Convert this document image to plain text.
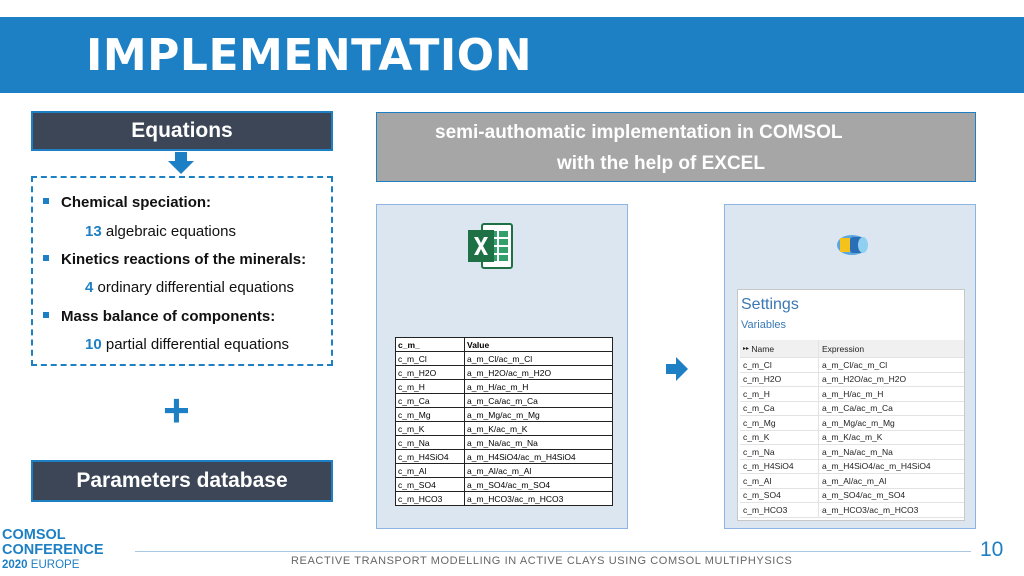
IMPLEMENTATION
Equations
Chemical speciation:
13 algebraic equations
Kinetics reactions of the minerals:
4 ordinary differential equations
Mass balance of components:
10 partial differential equations
+
Parameters database
semi-authomatic implementation in COMSOL
with the help of EXCEL
c_m_	Value
c_m_Cl	a_m_Cl/ac_m_Cl
c_m_H2O	a_m_H2O/ac_m_H2O
c_m_H	a_m_H/ac_m_H
c_m_Ca	a_m_Ca/ac_m_Ca
c_m_Mg	a_m_Mg/ac_m_Mg
c_m_K	a_m_K/ac_m_K
c_m_Na	a_m_Na/ac_m_Na
c_m_H4SiO4	a_m_H4SiO4/ac_m_H4SiO4
c_m_Al	a_m_Al/ac_m_Al
c_m_SO4	a_m_SO4/ac_m_SO4
c_m_HCO3	a_m_HCO3/ac_m_HCO3
Settings
Variables
▸▸ Name	Expression
c_m_Cl	a_m_Cl/ac_m_Cl
c_m_H2O	a_m_H2O/ac_m_H2O
c_m_H	a_m_H/ac_m_H
c_m_Ca	a_m_Ca/ac_m_Ca
c_m_Mg	a_m_Mg/ac_m_Mg
c_m_K	a_m_K/ac_m_K
c_m_Na	a_m_Na/ac_m_Na
c_m_H4SiO4	a_m_H4SiO4/ac_m_H4SiO4
c_m_Al	a_m_Al/ac_m_Al
c_m_SO4	a_m_SO4/ac_m_SO4
c_m_HCO3	a_m_HCO3/ac_m_HCO3
COMSOL
CONFERENCE
2020 EUROPE
10
REACTIVE TRANSPORT MODELLING IN ACTIVE CLAYS USING COMSOL MULTIPHYSICS
